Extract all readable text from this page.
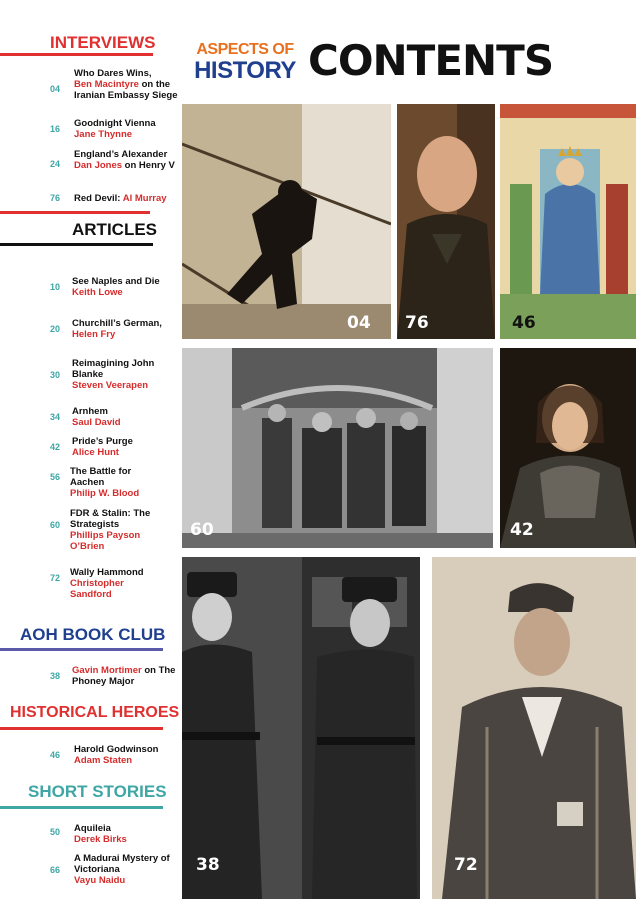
INTERVIEWS
04
Who Dares Wins,
Ben Macintyre on the Iranian Embassy Siege
16	Goodnight Vienna
Jane Thynne
24
England’s Alexander
Dan Jones on Henry V
76	Red Devil: Al Murray
ARTICLES
10	See Naples and Die
Keith Lowe
20	Churchill’s German,
Helen Fry
30
Reimagining John Blanke
Steven Veerapen
34	Arnhem
Saul David
42	Pride’s Purge
Alice Hunt
56	The Battle for Aachen
Philip W. Blood
60
FDR & Stalin: The Strategists
Phillips Payson O’Brien
72	Wally Hammond
Christopher Sandford
AOH BOOK CLUB
38	Gavin Mortimer on The Phoney Major
HISTORICAL HEROES
46	Harold Godwinson
Adam Staten
SHORT STORIES
50	Aquileia
Derek Birks
66
A Madurai Mystery of Victoriana
Vayu Naidu
ASPECTS OF
HISTORY CONTENTS
04 76	46
60	42
38	72
